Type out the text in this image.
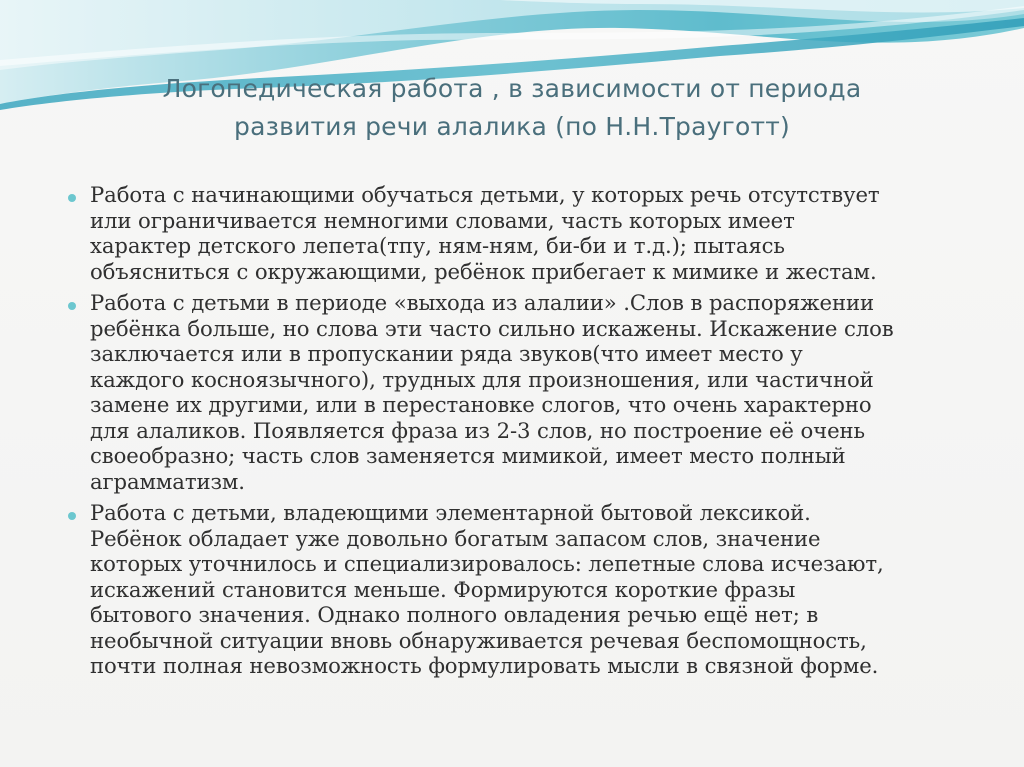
Логопедическая работа , в зависимости от периода
развития речи алалика (по Н.Н.Трауготт)
Работа с начинающими обучаться детьми, у которых речь отсутствует
или ограничивается немногими словами, часть которых имеет
характер детского лепета(тпу, ням-ням, би-би и т.д.); пытаясь
объясниться с окружающими, ребёнок прибегает к мимике и жестам.
Работа с детьми в периоде «выхода из алалии» .Слов в распоряжении
ребёнка больше, но слова эти часто сильно искажены. Искажение слов
заключается или в пропускании ряда звуков(что имеет место у
каждого косноязычного), трудных для произношения, или частичной
замене их другими, или в перестановке слогов, что очень характерно
для алаликов. Появляется фраза из 2-3 слов, но построение её очень
своеобразно; часть слов заменяется мимикой, имеет место полный
аграмматизм.
Работа с детьми, владеющими элементарной бытовой лексикой.
Ребёнок обладает уже довольно богатым запасом слов, значение
которых уточнилось и специализировалось: лепетные слова исчезают,
искажений становится меньше. Формируются короткие фразы
бытового значения. Однако полного овладения речью ещё нет; в
необычной ситуации вновь обнаруживается речевая беспомощность,
почти полная невозможность формулировать мысли в связной форме.
